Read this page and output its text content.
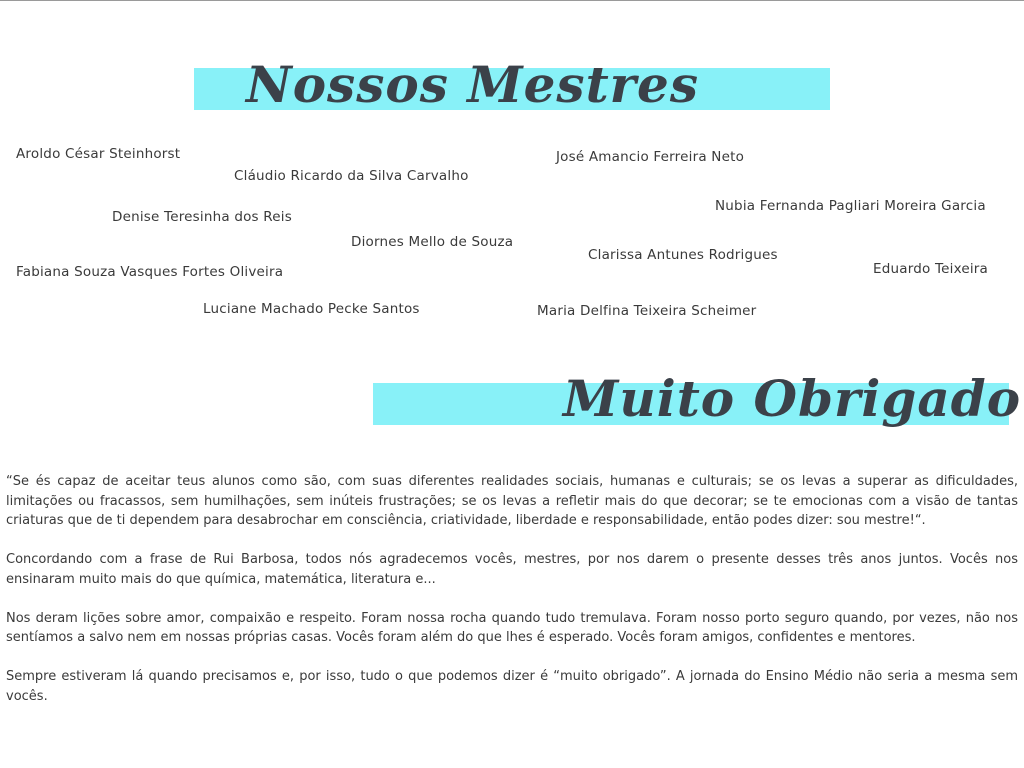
Nossos Mestres
Aroldo César Steinhorst
Cláudio Ricardo da Silva Carvalho
José Amancio Ferreira Neto
Nubia Fernanda Pagliari Moreira Garcia
Denise Teresinha dos Reis
Diornes Mello de Souza
Clarissa Antunes Rodrigues
Fabiana Souza Vasques Fortes Oliveira	Eduardo Teixeira
Luciane Machado Pecke Santos	Maria Delfina Teixeira Scheimer
Muito Obrigado

“Se és capaz de aceitar teus alunos como são, com suas diferentes realidades sociais, humanas e culturais; se os levas a superar as dificuldades, limitações ou fracassos, sem humilhações, sem inúteis frustrações; se os levas a refletir mais do que decorar; se te emocionas com a visão de tantas criaturas que de ti dependem para desabrochar em consciência, criatividade, liberdade e responsabilidade, então podes dizer: sou mestre!“.

Concordando com a frase de Rui Barbosa, todos nós agradecemos vocês, mestres, por nos darem o presente desses três anos juntos. Vocês nos ensinaram muito mais do que química, matemática, literatura e...

Nos deram lições sobre amor, compaixão e respeito. Foram nossa rocha quando tudo tremulava. Foram nosso porto seguro quando, por vezes, não nos sentíamos a salvo nem em nossas próprias casas. Vocês foram além do que lhes é esperado. Vocês foram amigos, confidentes e mentores.

Sempre estiveram lá quando precisamos e, por isso, tudo o que podemos dizer é “muito obrigado”. A jornada do Ensino Médio não seria a mesma sem vocês.
